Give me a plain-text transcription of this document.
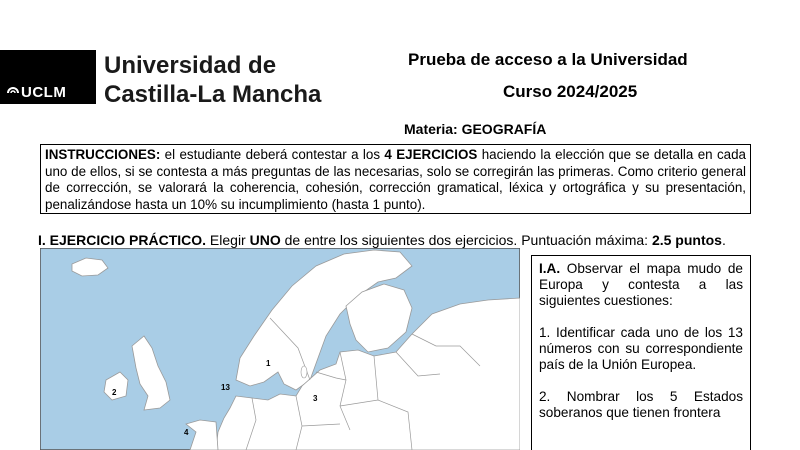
UCLM
Universidad de
Castilla-La Mancha
Prueba de acceso a la Universidad
Curso 2024/2025
Materia: GEOGRAFÍA
INSTRUCCIONES: el estudiante deberá contestar a los 4 EJERCICIOS haciendo la elección que se detalla en cada uno de ellos, si se contesta a más preguntas de las necesarias, solo se corregirán las primeras. Como criterio general de corrección, se valorará la coherencia, cohesión, corrección gramatical, léxica y ortográfica y su presentación, penalizándose hasta un 10% su incumplimiento (hasta 1 punto).
I. EJERCICIO PRÁCTICO. Elegir UNO de entre los siguientes dos ejercicios. Puntuación máxima: 2.5 puntos.
1
2
3
4
13

I.A. Observar el mapa mudo de Europa y contesta a las siguientes cuestiones:

1. Identificar cada uno de los 13 números con su correspondiente país de la Unión Europea.

2. Nombrar los 5 Estados soberanos que tienen frontera
